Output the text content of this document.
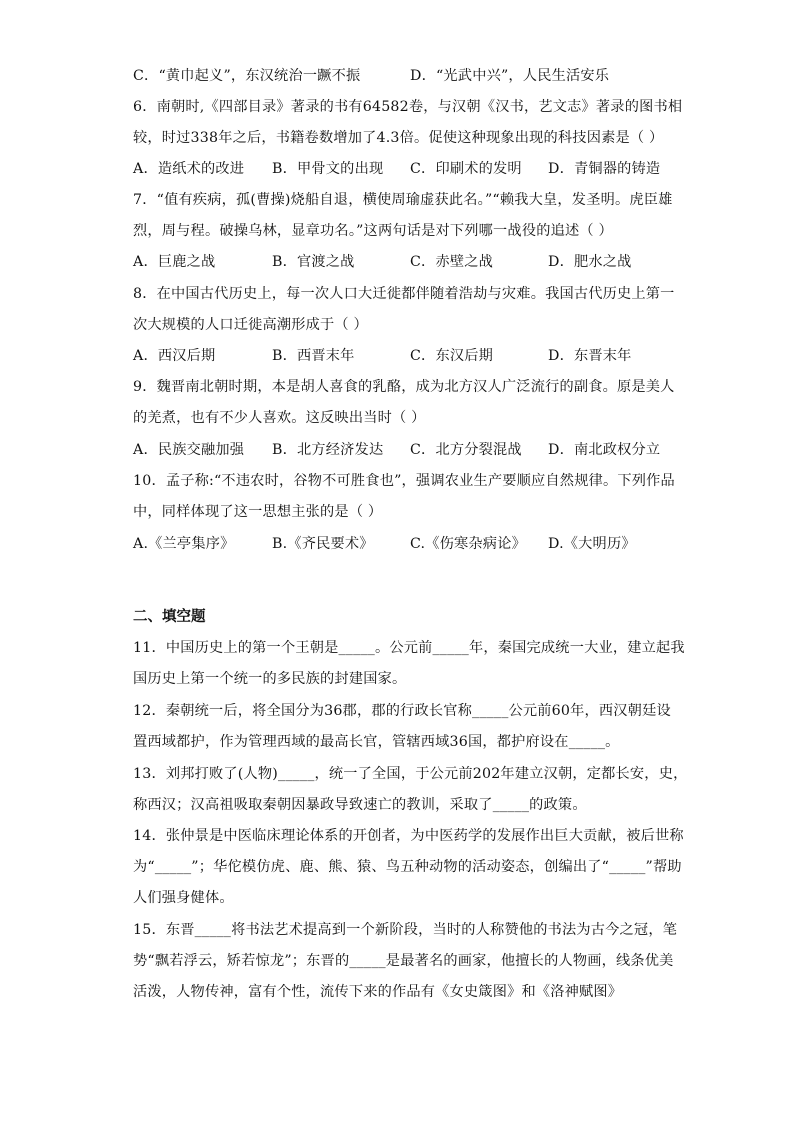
C．“黄巾起义”，东汉统治一蹶不振	D．“光武中兴”，人民生活安乐
6．南朝时,《四部目录》著录的书有64582卷，与汉朝《汉书，艺文志》著录的图书相
较，时过338年之后，书籍卷数增加了4.3倍。促使这种现象出现的科技因素是（ ）
A．造纸术的改进 B．甲骨文的出现 C．印刷术的发明 D．青铜器的铸造
7．“值有疾病，孤(曹操)烧船自退，横使周瑜虚获此名。”“赖我大皇，发圣明。虎臣雄
烈，周与程。破操乌林，显章功名。”这两句话是对下列哪一战役的追述（ ）
A．巨鹿之战	B．官渡之战	C．赤壁之战	D．肥水之战
8．在中国古代历史上，每一次人口大迁徙都伴随着浩劫与灾难。我国古代历史上第一
次大规模的人口迁徙高潮形成于（ ）
A．西汉后期	B．西晋末年	C．东汉后期	D．东晋末年
9．魏晋南北朝时期，本是胡人喜食的乳酪，成为北方汉人广泛流行的副食。原是美人
的羌煮，也有不少人喜欢。这反映出当时（ ）
A．民族交融加强 B．北方经济发达 C．北方分裂混战 D．南北政权分立
10．孟子称:“不违农时，谷物不可胜食也”，强调农业生产要顺应自然规律。下列作品
中，同样体现了这一思想主张的是（ ）
A.《兰亭集序》	B.《齐民要术》	C.《伤寒杂病论》 D.《大明历》
二、填空题
11．中国历史上的第一个王朝是_____。公元前_____年，秦国完成统一大业，建立起我
国历史上第一个统一的多民族的封建国家。
12．秦朝统一后，将全国分为36郡，郡的行政长官称_____公元前60年，西汉朝廷设
置西域都护，作为管理西域的最高长官，管辖西域36国，都护府设在_____。
13．刘邦打败了(人物)_____，统一了全国，于公元前202年建立汉朝，定都长安，史，
称西汉；汉高祖吸取秦朝因暴政导致速亡的教训，采取了_____的政策。
14．张仲景是中医临床理论体系的开创者，为中医药学的发展作出巨大贡献，被后世称
为“_____”；华佗模仿虎、鹿、熊、猿、鸟五种动物的活动姿态，创编出了“_____”帮助
人们强身健体。
15．东晋_____将书法艺术提高到一个新阶段，当时的人称赞他的书法为古今之冠，笔
势“飘若浮云，矫若惊龙”；东晋的_____是最著名的画家，他擅长的人物画，线条优美
活泼，人物传神，富有个性，流传下来的作品有《女史箴图》和《洛神赋图》
